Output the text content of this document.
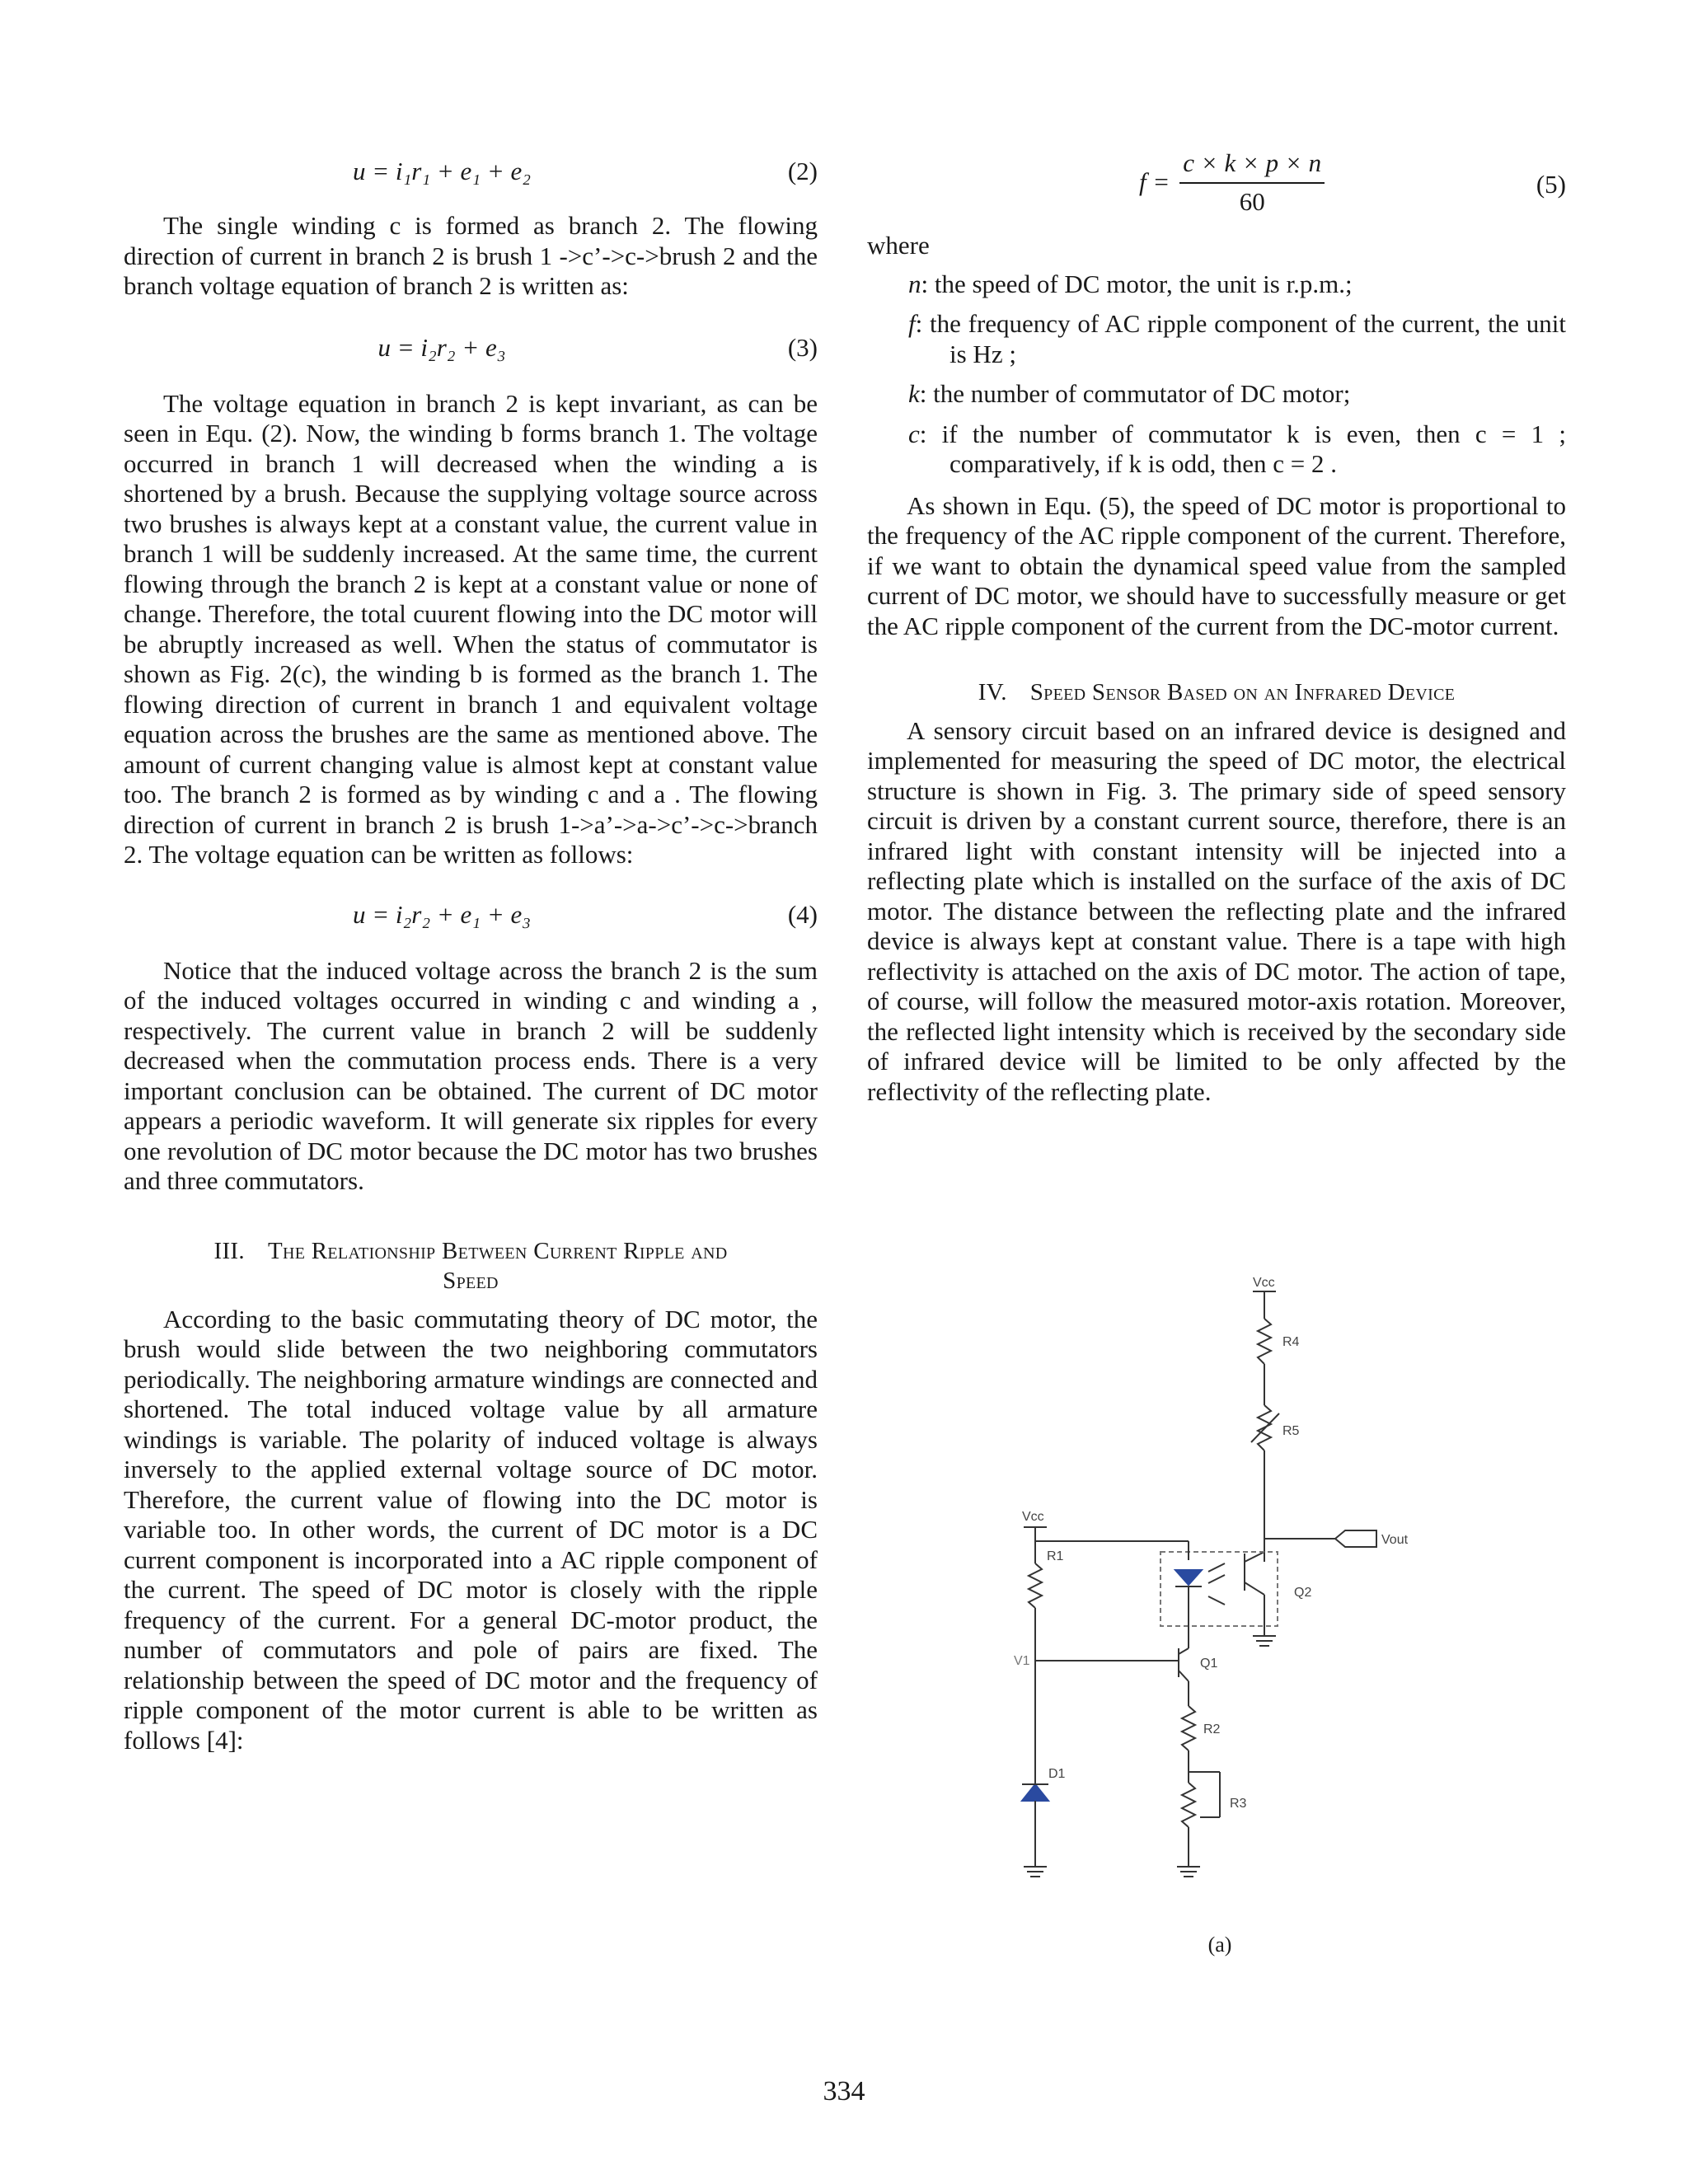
u = i₁r₁ + e₁ + e₂	(2)

The single winding c is formed as branch 2. The flowing direction of current in branch 2 is brush 1 ->c’->c->brush 2 and the branch voltage equation of branch 2 is written as:

u = i₂r₂ + e₃	(3)

The voltage equation in branch 2 is kept invariant, as can be seen in Equ. (2). Now, the winding b forms branch 1. The voltage occurred in branch 1 will decreased when the winding a is shortened by a brush. Because the supplying voltage source across two brushes is always kept at a constant value, the current value in branch 1 will be suddenly increased. At the same time, the current flowing through the branch 2 is kept at a constant value or none of change. Therefore, the total cuurent flowing into the DC motor will be abruptly increased as well. When the status of commutator is shown as Fig. 2(c), the winding b is formed as the branch 1. The flowing direction of current in branch 1 and equivalent voltage equation across the brushes are the same as mentioned above. The amount of current changing value is almost kept at constant value too. The branch 2 is formed as by winding c and a . The flowing direction of current in branch 2 is brush 1->a’->a->c’->c->branch 2. The voltage equation can be written as follows:

u = i₂r₂ + e₁ + e₃	(4)

Notice that the induced voltage across the branch 2 is the sum of the induced voltages occurred in winding c and winding a , respectively. The current value in branch 2 will be suddenly decreased when the commutation process ends. There is a very important conclusion can be obtained. The current of DC motor appears a periodic waveform. It will generate six ripples for every one revolution of DC motor because the DC motor has two brushes and three commutators.

III. The Relationship Between Current Ripple and
Speed

According to the basic commutating theory of DC motor, the brush would slide between the two neighboring commutators periodically. The neighboring armature windings are connected and shortened. The total induced voltage value by all armature windings is variable. The polarity of induced voltage is always inversely to the applied external voltage source of DC motor. Therefore, the current value of flowing into the DC motor is variable too. In other words, the current of DC motor is a DC current component is incorporated into a AC ripple component of the current. The speed of DC motor is closely with the ripple frequency of the current. For a general DC-motor product, the number of commutators and pole of pairs are fixed. The relationship between the speed of DC motor and the frequency of ripple component of the motor current is able to be written as follows [4]:

$f = \frac{c \times k \times p \times n}{60}$	(5)
where
n: the speed of DC motor, the unit is r.p.m.;
f: the frequency of AC ripple component of the current, the unit is Hz ;
k: the number of commutator of DC motor;
c: if the number of commutator k is even, then c = 1 ; comparatively, if k is odd, then c = 2 .

As shown in Equ. (5), the speed of DC motor is proportional to the frequency of the AC ripple component of the current. Therefore, if we want to obtain the dynamical speed value from the sampled current of DC motor, we should have to successfully measure or get the AC ripple component of the current from the DC-motor current.

IV. Speed Sensor Based on an Infrared Device

A sensory circuit based on an infrared device is designed and implemented for measuring the speed of DC motor, the electrical structure is shown in Fig. 3. The primary side of speed sensory circuit is driven by a constant current source, therefore, there is an infrared light with constant intensity will be injected into a reflecting plate which is installed on the surface of the axis of DC motor. The distance between the reflecting plate and the infrared device is always kept at constant value. There is a tape with high reflectivity is attached on the axis of DC motor. The action of tape, of course, will follow the measured motor-axis rotation. Moreover, the reflected light intensity which is received by the secondary side of infrared device will be limited to be only affected by the reflectivity of the reflecting plate.

Vcc
R4
R5
Vout
Vcc
R1
Q2
V1	Q1
R2
D1
R3
(a)
334
